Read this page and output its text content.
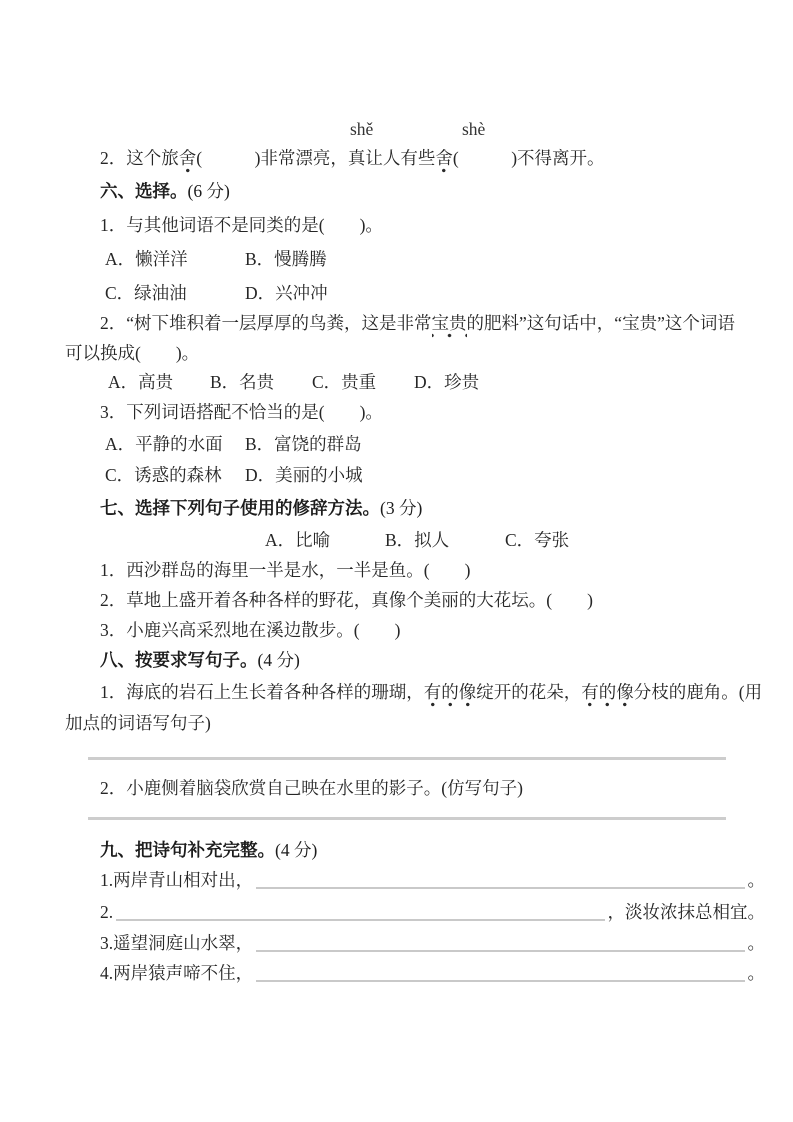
shě	shè
2．这个旅舍(　　　)非常漂亮，真让人有些舍(　　　)不得离开。
六、选择。(6 分)
1．与其他词语不是同类的是(　　)。
A．懒洋洋	B．慢腾腾
C．绿油油	D．兴冲冲
2．“树下堆积着一层厚厚的鸟粪，这是非常宝贵的肥料”这句话中，“宝贵”这个词语
可以换成(　　)。
A．高贵 B．名贵 C．贵重 D．珍贵
3．下列词语搭配不恰当的是(　　)。
A．平静的水面 B．富饶的群岛
C．诱惑的森林 D．美丽的小城
七、选择下列句子使用的修辞方法。(3 分)
A．比喻	B．拟人	C．夸张
1．西沙群岛的海里一半是水，一半是鱼。(　　)
2．草地上盛开着各种各样的野花，真像个美丽的大花坛。(　　)
3．小鹿兴高采烈地在溪边散步。(　　)
八、按要求写句子。(4 分)
1．海底的岩石上生长着各种各样的珊瑚，有的像绽开的花朵，有的像分枝的鹿角。(用
加点的词语写句子)
2．小鹿侧着脑袋欣赏自己映在水里的影子。(仿写句子)
九、把诗句补充完整。(4 分)
1.两岸青山相对出，	。
2.	，淡妆浓抹总相宜。
3.遥望洞庭山水翠，	。
4.两岸猿声啼不住，	。
